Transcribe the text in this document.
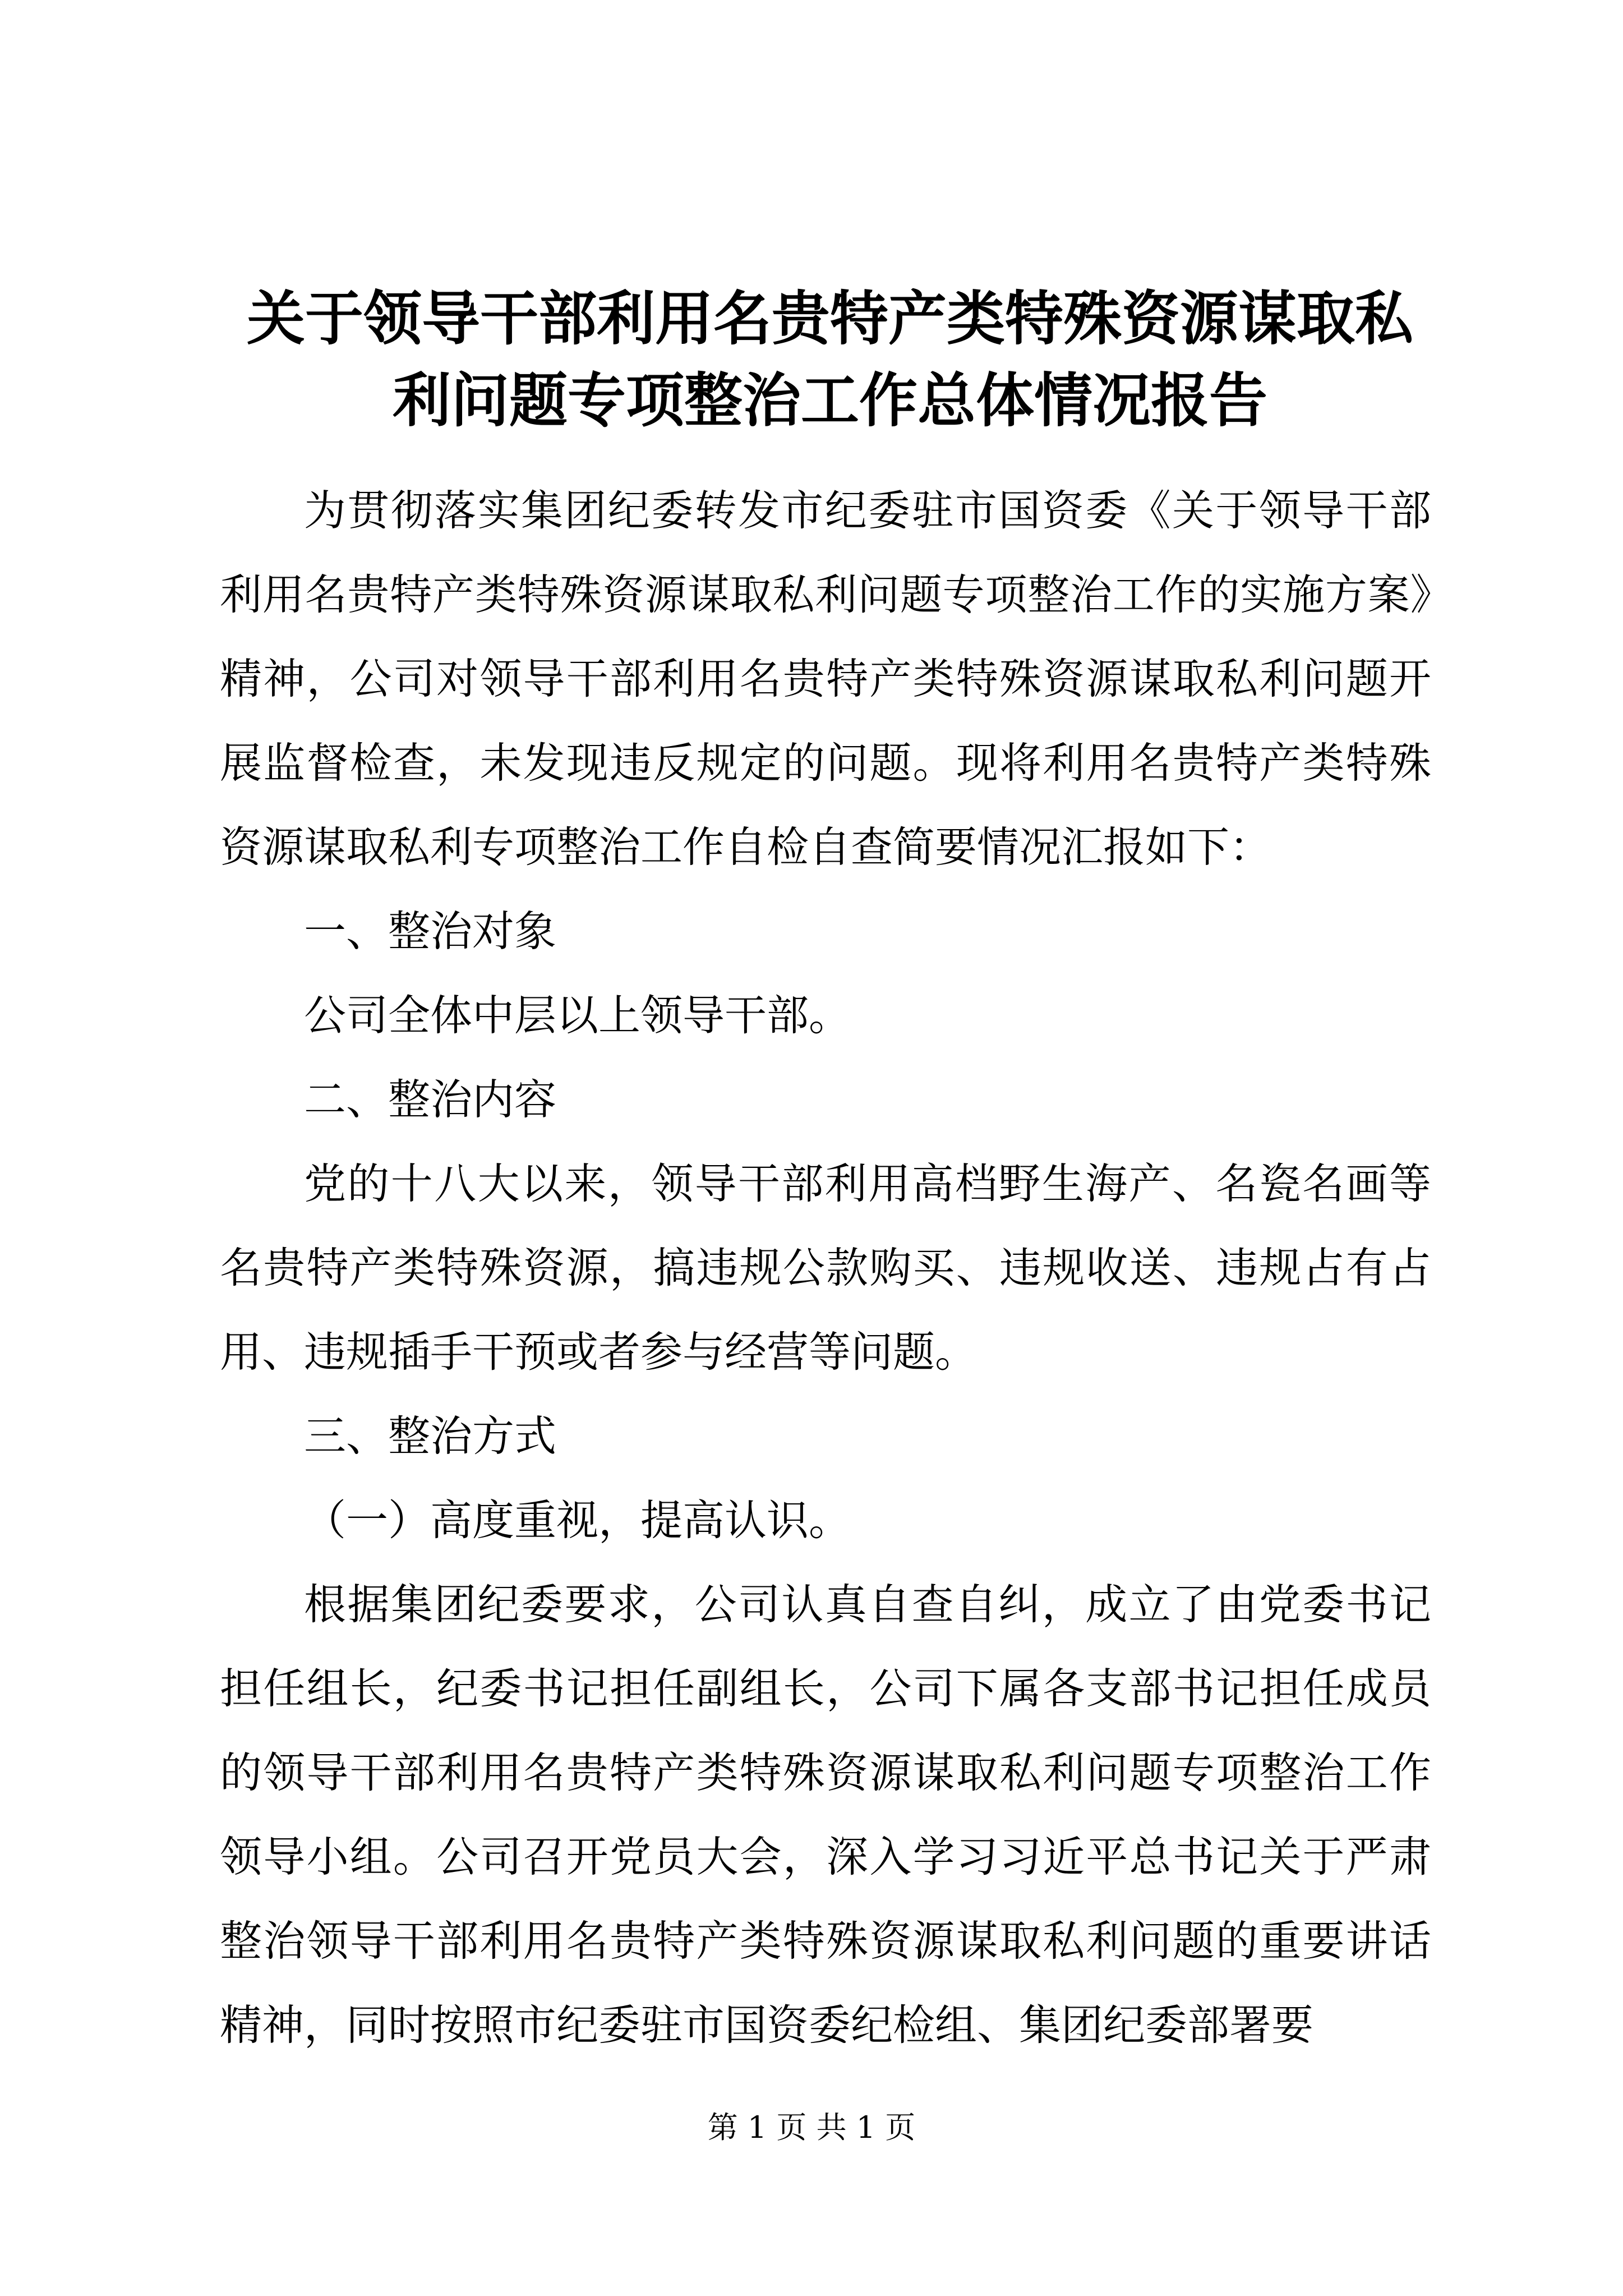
关于领导干部利用名贵特产类特殊资源谋取私
利问题专项整治工作总体情况报告

为贯彻落实集团纪委转发市纪委驻市国资委《关于领导干部利用名贵特产类特殊资源谋取私利问题专项整治工作的实施方案》精神，公司对领导干部利用名贵特产类特殊资源谋取私利问题开展监督检查，未发现违反规定的问题。现将利用名贵特产类特殊资源谋取私利专项整治工作自检自查简要情况汇报如下：

一、整治对象

公司全体中层以上领导干部。

二、整治内容

党的十八大以来，领导干部利用高档野生海产、名瓷名画等名贵特产类特殊资源，搞违规公款购买、违规收送、违规占有占用、违规插手干预或者参与经营等问题。

三、整治方式

（一）高度重视，提高认识。

根据集团纪委要求，公司认真自查自纠，成立了由党委书记担任组长，纪委书记担任副组长，公司下属各支部书记担任成员的领导干部利用名贵特产类特殊资源谋取私利问题专项整治工作领导小组。公司召开党员大会，深入学习习近平总书记关于严肃整治领导干部利用名贵特产类特殊资源谋取私利问题的重要讲话精神，同时按照市纪委驻市国资委纪检组、集团纪委部署要

第 1 页 共 1 页
